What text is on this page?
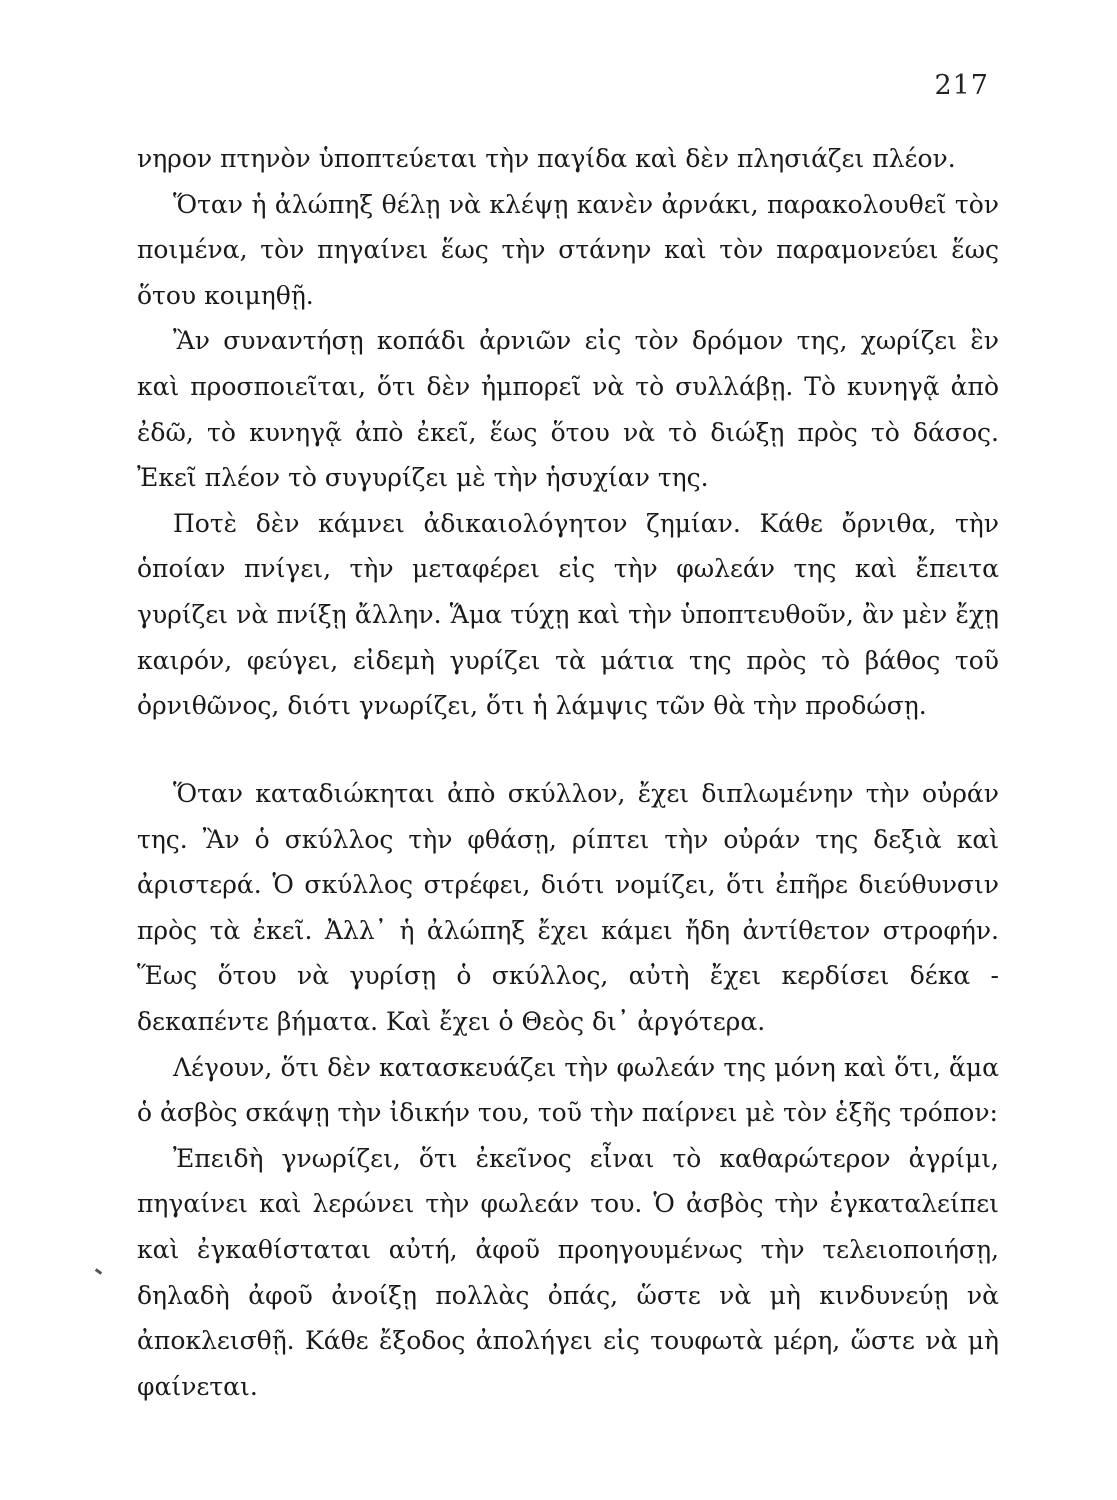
217

νηρον πτηνὸν ὑποπτεύεται τὴν παγίδα καὶ δὲν πλησιάζει πλέον.

Ὅταν ἡ ἀλώπηξ θέλῃ νὰ κλέψῃ κανὲν ἀρνάκι, παρακολουθεῖ τὸν ποιμένα, τὸν πηγαίνει ἕως τὴν στάνην καὶ τὸν παραμονεύει ἕως ὅτου κοιμηθῇ.

Ἂν συναντήσῃ κοπάδι ἀρνιῶν εἰς τὸν δρόμον της, χωρίζει ἓν καὶ προσποιεῖται, ὅτι δὲν ἠμπορεῖ νὰ τὸ συλλάβῃ. Τὸ κυνηγᾷ ἀπὸ ἐδῶ, τὸ κυνηγᾷ ἀπὸ ἐκεῖ, ἕως ὅτου νὰ τὸ διώξῃ πρὸς τὸ δάσος. Ἐκεῖ πλέον τὸ συγυρίζει μὲ τὴν ἡσυχίαν της.

Ποτὲ δὲν κάμνει ἀδικαιολόγητον ζημίαν. Κάθε ὄρνιθα, τὴν ὁποίαν πνίγει, τὴν μεταφέρει εἰς τὴν φωλεάν της καὶ ἔπειτα γυρίζει νὰ πνίξῃ ἄλλην. Ἅμα τύχῃ καὶ τὴν ὑποπτευθοῦν, ἂν μὲν ἔχῃ καιρόν, φεύγει, εἰδεμὴ γυρίζει τὰ μάτια της πρὸς τὸ βάθος τοῦ ὀρνιθῶνος, διότι γνωρίζει, ὅτι ἡ λάμψις τῶν θὰ τὴν προδώσῃ.

Ὅταν καταδιώκηται ἀπὸ σκύλλον, ἔχει διπλωμένην τὴν οὐράν της. Ἂν ὁ σκύλλος τὴν φθάσῃ, ρίπτει τὴν οὐράν της δεξιὰ καὶ ἀριστερά. Ὁ σκύλλος στρέφει, διότι νομίζει, ὅτι ἐπῆρε διεύθυνσιν πρὸς τὰ ἐκεῖ. Ἀλλ᾿ ἡ ἀλώπηξ ἔχει κάμει ἤδη ἀντίθετον στροφήν. Ἕως ὅτου νὰ γυρίσῃ ὁ σκύλλος, αὐτὴ ἔχει κερδίσει δέκα - δεκαπέντε βήματα. Καὶ ἔχει ὁ Θεὸς δι᾿ ἀργότερα.

Λέγουν, ὅτι δὲν κατασκευάζει τὴν φωλεάν της μόνη καὶ ὅτι, ἅμα ὁ ἀσβὸς σκάψῃ τὴν ἰδικήν του, τοῦ τὴν παίρνει μὲ τὸν ἑξῆς τρόπον:

Ἐπειδὴ γνωρίζει, ὅτι ἐκεῖνος εἶναι τὸ καθαρώτερον ἀγρίμι, πηγαίνει καὶ λερώνει τὴν φωλεάν του. Ὁ ἀσβὸς τὴν ἐγκαταλείπει καὶ ἐγκαθίσταται αὐτή, ἀφοῦ προηγουμένως τὴν τελειοποιήσῃ, δηλαδὴ ἀφοῦ ἀνοίξῃ πολλὰς ὀπάς, ὥστε νὰ μὴ κινδυνεύῃ νὰ ἀποκλεισθῇ. Κάθε ἔξοδος ἀπολήγει εἰς τουφωτὰ μέρη, ὥστε νὰ μὴ φαίνεται.
